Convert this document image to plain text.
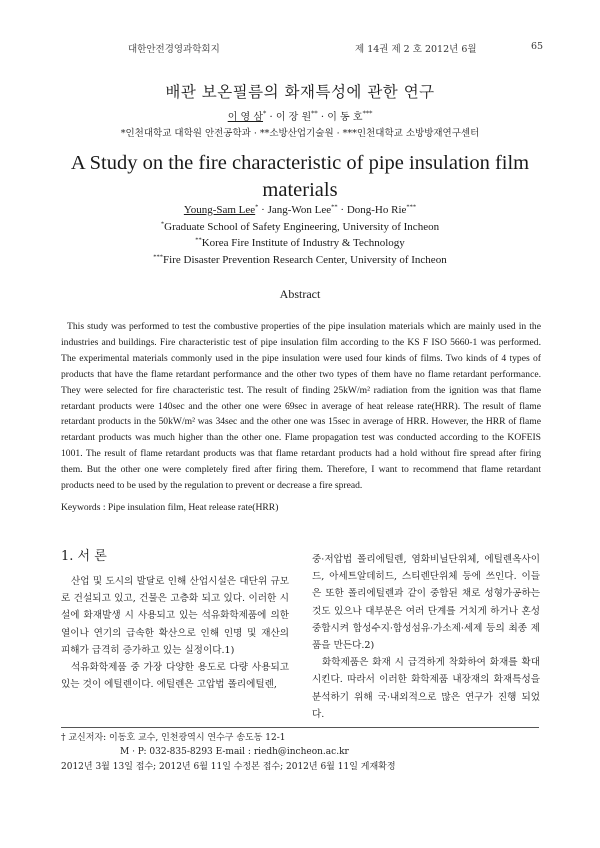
대한안전경영과학회지	제 14권 제 2 호 2012년 6월	65
배관 보온필름의 화재특성에 관한 연구
이 영 삼* · 이 장 원** · 이 동 호***
*인천대학교 대학원 안전공학과 · **소방산업기술원 · ***인천대학교 소방방재연구센터
A Study on the fire characteristic of pipe insulation film
materials
Young-Sam Lee* · Jang-Won Lee** · Dong-Ho Rie***
*Graduate School of Safety Engineering, University of Incheon
**Korea Fire Institute of Industry & Technology
***Fire Disaster Prevention Research Center, University of Incheon
Abstract
This study was performed to test the combustive properties of the pipe insulation materials which are mainly used in the industries and buildings. Fire characteristic test of pipe insulation film according to the KS F ISO 5660-1 was performed. The experimental materials commonly used in the pipe insulation were used four kinds of films. Two kinds of 4 types of products that have the flame retardant performance and the other two types of them have no flame retardant performance. They were selected for fire characteristic test. The result of finding 25kW/m² radiation from the ignition was that flame retardant products were 140sec and the other one were 69sec in average of heat release rate(HRR). The result of flame retardant products in the 50kW/m² was 34sec and the other one was 15sec in average of HRR. However, the HRR of flame retardant products was much higher than the other one. Flame propagation test was conducted according to the KOFEIS 1001. The result of flame retardant products was that flame retardant products had a hold without fire spread after firing them. But the other one were completely fired after firing them. Therefore, I want to recommend that flame retardant products need to be used by the regulation to prevent or decrease a fire spread.
Keywords : Pipe insulation film, Heat release rate(HRR)
1. 서 론

산업 및 도시의 발달로 인해 산업시설은 대단위 규모로 건설되고 있고, 건물은 고층화 되고 있다. 이러한 시설에 화재발생 시 사용되고 있는 석유화학제품에 의한 열이나 연기의 급속한 확산으로 인해 인명 및 재산의 피해가 급격히 증가하고 있는 실정이다.1)

석유화학제품 중 가장 다양한 용도로 다량 사용되고 있는 것이 에틸렌이다. 에틸렌은 고압법 폴리에틸렌,

중·저압법 폴리에틸렌, 염화비닐단위체, 에틸렌옥사이드, 아세트알데히드, 스티렌단위체 등에 쓰인다. 이들은 또한 폴리에틸렌과 같이 중합된 채로 성형가공하는 것도 있으나 대부분은 여러 단계를 거치게 하거나 혼성 중합시켜 합성수지·합성섬유·가소제·세제 등의 최종 제품을 만든다.2)

화학제품은 화재 시 급격하게 착화하여 화재를 확대시킨다. 따라서 이러한 화학제품 내장재의 화재특성을 분석하기 위해 국·내외적으로 많은 연구가 진행 되었다.

† 교신저자: 이동호 교수, 인천광역시 연수구 송도동 12-1
M · P: 032-835-8293 E-mail : riedh@incheon.ac.kr
2012년 3월 13일 접수; 2012년 6월 11일 수정본 접수; 2012년 6월 11일 게재확정
